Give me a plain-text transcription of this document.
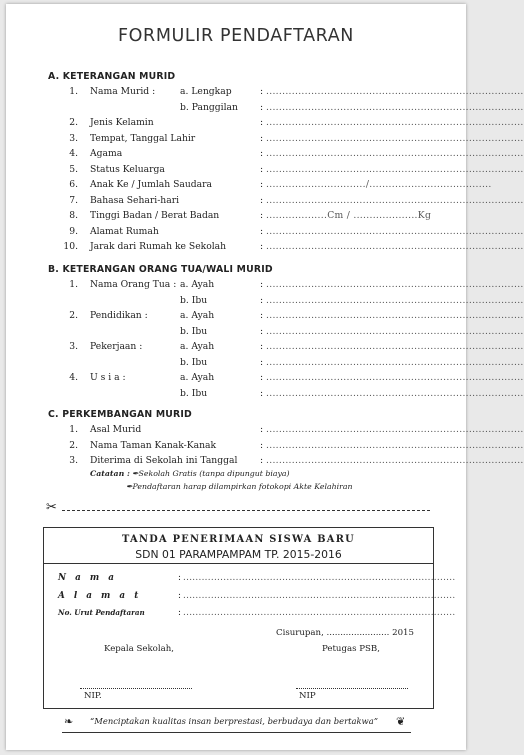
FORMULIR PENDAFTARAN
A. KETERANGAN MURID
1. Nama Murid :	a. Lengkap	: ................................................................................
b. Panggilan : ................................................................................
2. Jenis Kelamin	: ................................................................................
3. Tempat, Tanggal Lahir	: ................................................................................
4. Agama	: ................................................................................
5. Status Keluarga	: ................................................................................
6. Anak Ke / Jumlah Saudara	: .............................../......................................
7. Bahasa Sehari-hari	: ................................................................................
8. Tinggi Badan / Berat Badan	: ...................Cm / ....................Kg
9. Alamat Rumah	: ................................................................................
10. Jarak dari Rumah ke Sekolah	: ................................................................................
B. KETERANGAN ORANG TUA/WALI MURID
1. Nama Orang Tua : a. Ayah	: ................................................................................
b. Ibu	: ................................................................................
2. Pendidikan :	a. Ayah	: ................................................................................
b. Ibu	: ................................................................................
3. Pekerjaan :	a. Ayah	: ................................................................................
b. Ibu	: ................................................................................
4. U s i a :	a. Ayah	: ................................................................................
b. Ibu	: ................................................................................
C. PERKEMBANGAN MURID
1. Asal Murid	: ................................................................................
2. Nama Taman Kanak-Kanak	: ................................................................................
3. Diterima di Sekolah ini Tanggal : ................................................................................
Catatan : ✒Sekolah Gratis (tanpa dipungut biaya)
✒Pendaftaran harap dilampirkan fotokopi Akte Kelahiran
✂
TANDA PENERIMAAN SISWA BARU
SDN 01 PARAMPAMPAM TP. 2015-2016
N a m a	: ........................................................................................
A l a m a t	: ........................................................................................
No. Urut Pendaftaran	: ........................................................................................
Cisurupan, ....................... 2015
Kepala Sekolah,	Petugas PSB,
NIP.	NIP
❧ “Menciptakan kualitas insan berprestasi, berbudaya dan bertakwa” ❦
